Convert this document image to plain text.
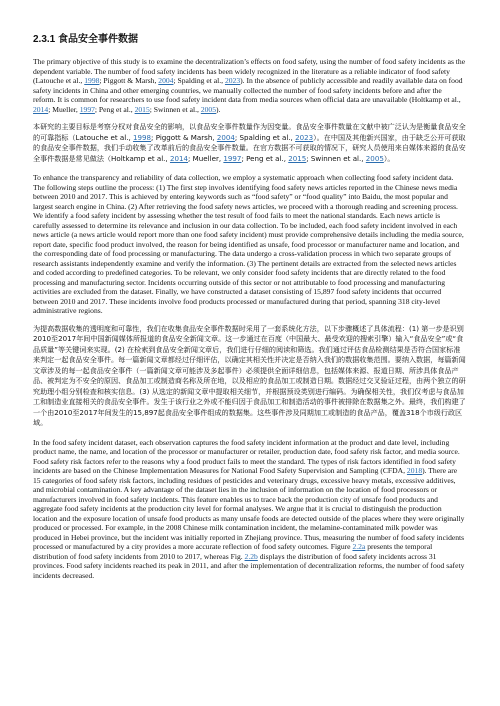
2.3.1 食品安全事件数据

The primary objective of this study is to examine the decentralization’s effects on food safety, using the number of food safety incidents as the dependent variable. The number of food safety incidents has been widely recognized in the literature as a reliable indicator of food safety (Latouche et al., 1998; Piggott & Marsh, 2004; Spalding et al., 2023). In the absence of publicly accessible and readily available data on food safety incidents in China and other emerging countries, we manually collected the number of food safety incidents before and after the reform. It is common for researchers to use food safety incident data from media sources when official data are unavailable (Holtkamp et al., 2014; Mueller, 1997; Peng et al., 2015; Swinnen et al., 2005).

本研究的主要目标是考察分权对食品安全的影响，以食品安全事件数量作为因变量。食品安全事件数量在文献中被广泛认为是衡量食品安全的可靠指标（Latouche et al., 1998; Piggott & Marsh, 2004; Spalding et al., 2023）。在中国及其他新兴国家，由于缺乏公开可获取的食品安全事件数据，我们手动收集了改革前后的食品安全事件数量。在官方数据不可获取的情况下，研究人员使用来自媒体来源的食品安全事件数据是常见做法（Holtkamp et al., 2014; Mueller, 1997; Peng et al., 2015; Swinnen et al., 2005）。

To enhance the transparency and reliability of data collection, we employ a systematic approach when collecting food safety incident data. The following steps outline the process: (1) The first step involves identifying food safety news articles reported in the Chinese news media between 2010 and 2017. This is achieved by entering keywords such as “food safety” or “food quality” into Baidu, the most popular and largest search engine in China. (2) After retrieving the food safety news articles, we proceed with a thorough reading and screening process. We identify a food safety incident by assessing whether the test result of food fails to meet the national standards. Each news article is carefully assessed to determine its relevance and inclusion in our data collection. To be included, each food safety incident involved in each news article (a news article would report more than one food safety incident) must provide comprehensive details including the media source, report date, specific food product involved, the reason for being identified as unsafe, food processor or manufacturer name and location, and the corresponding date of food processing or manufacturing. The data undergo a cross-validation process in which two separate groups of research assistants independently examine and verify the information. (3) The pertinent details are extracted from the selected news articles and coded according to predefined categories. To be relevant, we only consider food safety incidents that are directly related to the food processing and manufacturing sector. Incidents occurring outside of this sector or not attributable to food processing and manufacturing activities are excluded from the dataset. Finally, we have constructed a dataset consisting of 15,897 food safety incidents that occurred between 2010 and 2017. These incidents involve food products processed or manufactured during that period, spanning 318 city-level administrative regions.

为提高数据收集的透明度和可靠性，我们在收集食品安全事件数据时采用了一套系统化方法，以下步骤概述了具体流程：(1) 第一步是识别2010至2017年间中国新闻媒体所报道的食品安全新闻文章。这一步通过在百度（中国最大、最受欢迎的搜索引擎）输入“食品安全”或“食品质量”等关键词来实现。(2) 在检索到食品安全新闻文章后，我们进行仔细的阅读和筛选。我们通过评估食品检测结果是否符合国家标准来判定一起食品安全事件。每一篇新闻文章都经过仔细评估，以确定其相关性并决定是否纳入我们的数据收集范围。要纳入数据，每篇新闻文章涉及的每一起食品安全事件（一篇新闻文章可能涉及多起事件）必须提供全面详细信息，包括媒体来源、报道日期、所涉具体食品产品、被判定为不安全的原因、食品加工或制造商名称及所在地，以及相应的食品加工或制造日期。数据经过交叉验证过程，由两个独立的研究助理小组分别检查和核实信息。(3) 从选定的新闻文章中提取相关细节，并根据预设类别进行编码。为确保相关性，我们仅考虑与食品加工和制造业直接相关的食品安全事件。发生于该行业之外或不能归因于食品加工和制造活动的事件被排除在数据集之外。最终，我们构建了一个由2010至2017年间发生的15,897起食品安全事件组成的数据集。这些事件涉及同期加工或制造的食品产品，覆盖318个市级行政区域。

In the food safety incident dataset, each observation captures the food safety incident information at the product and date level, including product name, the name, and location of the processor or manufacturer or retailer, production date, food safety risk factor, and media source. Food safety risk factors refer to the reasons why a food product fails to meet the standard. The types of risk factors identified in food safety incidents are based on the Chinese Implementation Measures for National Food Safety Supervision and Sampling (CFDA, 2018). There are 15 categories of food safety risk factors, including residues of pesticides and veterinary drugs, excessive heavy metals, excessive additives, and microbial contamination. A key advantage of the dataset lies in the inclusion of information on the location of food processors or manufacturers involved in food safety incidents. This feature enables us to trace back the production city of unsafe food products and aggregate food safety incidents at the production city level for formal analyses. We argue that it is crucial to distinguish the production location and the exposure location of unsafe food products as many unsafe foods are detected outside of the places where they were originally produced or processed. For example, in the 2008 Chinese milk contamination incident, the melamine-contaminated milk powder was produced in Hebei province, but the incident was initially reported in Zhejiang province. Thus, measuring the number of food safety incidents processed or manufactured by a city provides a more accurate reflection of food safety outcomes. Figure 2.2a presents the temporal distribution of food safety incidents from 2010 to 2017, whereas Fig. 2.2b displays the distribution of food safety incidents across 31 provinces. Food safety incidents reached its peak in 2011, and after the implementation of decentralization reforms, the number of food safety incidents decreased.
